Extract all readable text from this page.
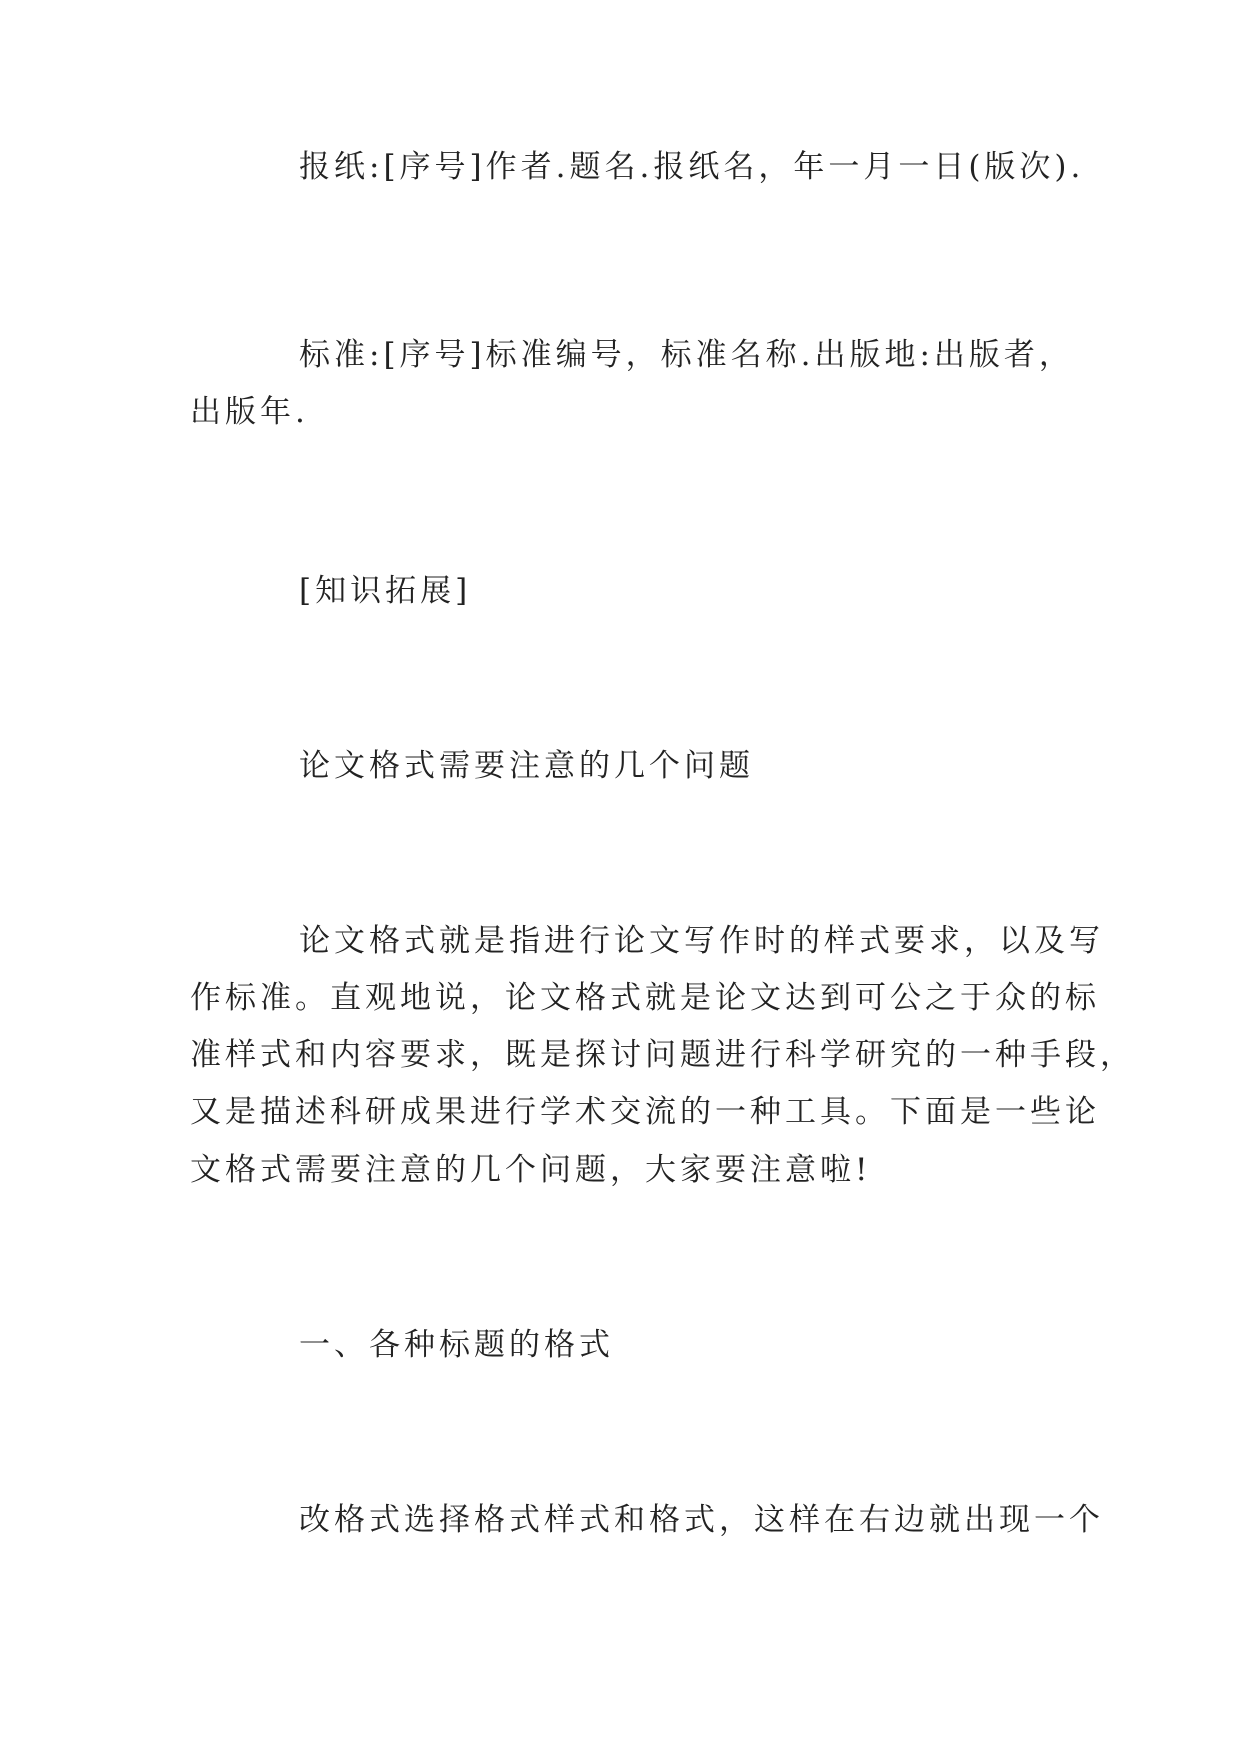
报纸:[序号]作者.题名.报纸名，年一月一日(版次).
标准:[序号]标准编号，标准名称.出版地:出版者，
出版年.
[知识拓展]
论文格式需要注意的几个问题
论文格式就是指进行论文写作时的样式要求，以及写
作标准。直观地说，论文格式就是论文达到可公之于众的标
准样式和内容要求，既是探讨问题进行科学研究的一种手段，
又是描述科研成果进行学术交流的一种工具。下面是一些论
文格式需要注意的几个问题，大家要注意啦!
一、各种标题的格式
改格式选择格式样式和格式，这样在右边就出现一个
